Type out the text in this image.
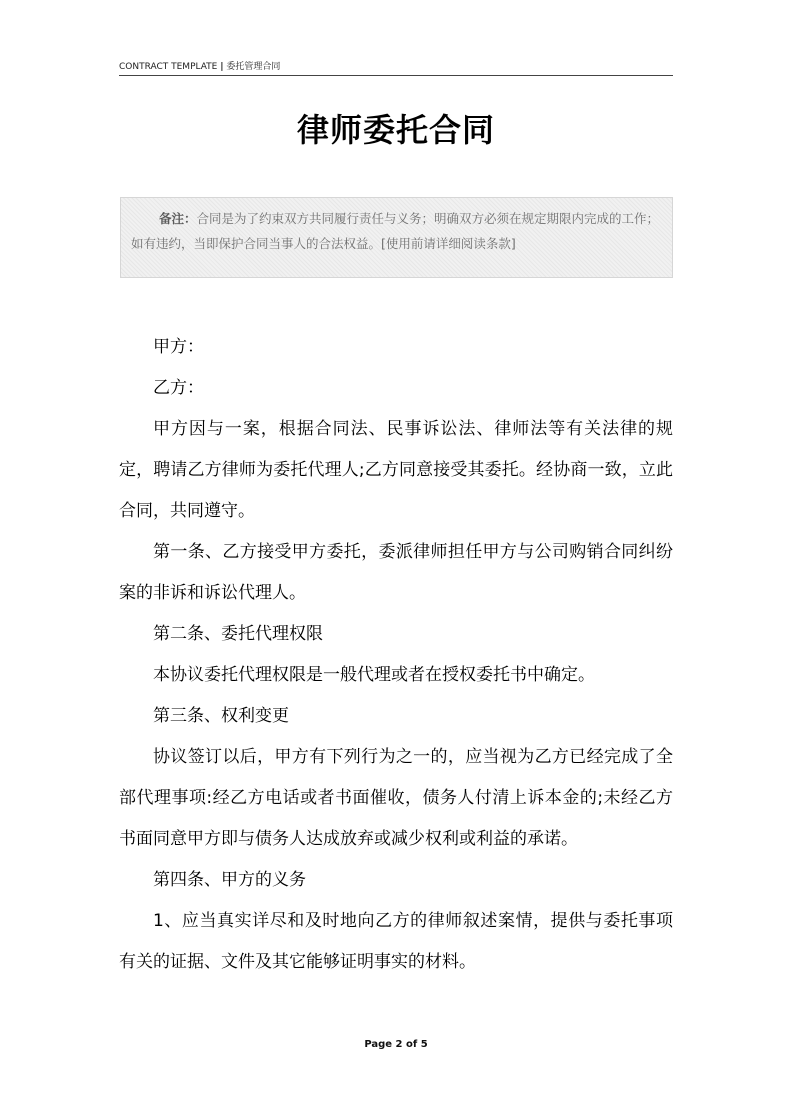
CONTRACT TEMPLATE | 委托管理合同
律师委托合同
备注：合同是为了约束双方共同履行责任与义务；明确双方必须在规定期限内完成的工作；如有违约，当即保护合同当事人的合法权益。[使用前请详细阅读条款]

甲方：

乙方：

甲方因与一案，根据合同法、民事诉讼法、律师法等有关法律的规定，聘请乙方律师为委托代理人;乙方同意接受其委托。经协商一致，立此合同，共同遵守。

第一条、乙方接受甲方委托，委派律师担任甲方与公司购销合同纠纷案的非诉和诉讼代理人。

第二条、委托代理权限

本协议委托代理权限是一般代理或者在授权委托书中确定。

第三条、权利变更

协议签订以后，甲方有下列行为之一的，应当视为乙方已经完成了全部代理事项:经乙方电话或者书面催收，债务人付清上诉本金的;未经乙方书面同意甲方即与债务人达成放弃或减少权利或利益的承诺。

第四条、甲方的义务

1、应当真实详尽和及时地向乙方的律师叙述案情，提供与委托事项有关的证据、文件及其它能够证明事实的材料。

Page 2 of 5
